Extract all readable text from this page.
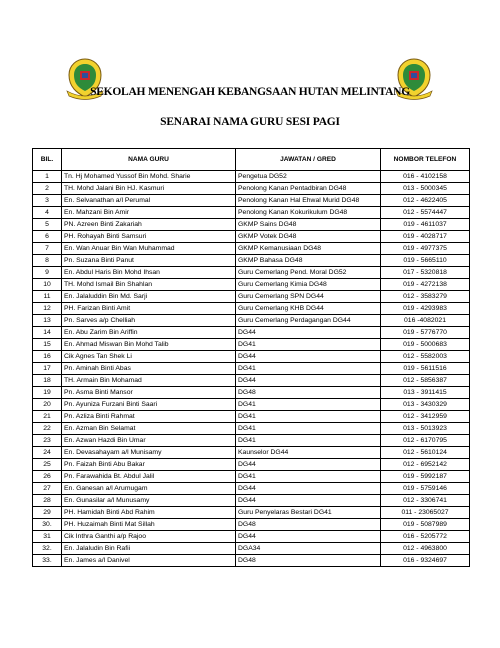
SEKOLAH MENENGAH KEBANGSAAN HUTAN MELINTANG
SENARAI NAMA GURU SESI PAGI
BIL.	NAMA GURU	JAWATAN / GRED	NOMBOR TELEFON
1	Tn. Hj Mohamed Yussof Bin Mohd. Sharie	Pengetua DG52	016 - 4102158
2	TH. Mohd Jalani Bin HJ. Kasmuri	Penolong Kanan Pentadbiran DG48	013 - 5000345
3	En. Selvanathan a/l Perumal	Penolong Kanan Hal Ehwal Murid DG48	012 - 4622405
4	En. Mahzani Bin Amir	Penolong Kanan Kokurikulum DG48	012 - 5574447
5	PN. Azreen Binti Zakariah	GKMP Sains DG48	019 - 4611037
6	PH. Rohayah Binti Samsuri	GKMP Votek DG48	019 - 4028717
7	En. Wan Anuar Bin Wan Muhammad	GKMP Kemanusiaan DG48	019 - 4977375
8	Pn. Suzana Binti Panut	GKMP Bahasa DG48	019 - 5665110
9	En. Abdul Haris Bin Mohd Ihsan	Guru Cemerlang Pend. Moral DG52	017 - 5320818
10	TH. Mohd Ismail Bin Shahlan	Guru Cemerlang Kimia DG48	019 - 4272138
11	En. Jalaluddin Bin Md. Sarji	Guru Cemerlang SPN DG44	012 - 3583279
12	PH. Farizan Binti Amit	Guru Cemerlang KHB DG44	019 - 4293983
13	Pn. Sarves a/p Chelliah	Guru Cemerlang Perdagangan DG44	016 -4082021
14	En. Abu Zarim Bin Ariffin	DG44	019 - 5776770
15	En. Ahmad Miswan Bin Mohd Talib	DG41	019 - 5000683
16	Cik Agnes Tan Shek Li	DG44	012 - 5582003
17	Pn. Aminah Binti Abas	DG41	019 - 5611516
18	TH. Armain Bin Mohamad	DG44	012 - 5856387
19	Pn. Asma Binti Mansor	DG48	013 - 3911415
20	Pn. Ayuniza Furzani Binti Saari	DG41	013 - 3430329
21	Pn. Azliza Binti Rahmat	DG41	012 - 3412959
22	En. Azman Bin Selamat	DG41	013 - 5013923
23	En. Azwan Hazdi Bin Umar	DG41	012 - 6170795
24	En. Devasahayam a/l Munisamy	Kaunselor DG44	012 - 5610124
25	Pn. Faizah Binti Abu Bakar	DG44	012 - 6952142
26	Pn. Farawahida Bt. Abdul Jalil	DG41	019 - 5992187
27	En. Ganesan a/l Arumugam	DG44	019 - 5759146
28	En. Gunasilar a/l Munusamy	DG44	012 - 3306741
29	PH. Hamidah Binti Abd Rahim	Guru Penyelaras Bestari DG41	011 - 23065027
30.	PH. Huzaimah Binti Mat Sillah	DG48	019 - 5087989
31	Cik Inthra Ganthi a/p Rajoo	DG44	016 - 5205772
32.	En. Jalaludin Bin Rafii	DGA34	012 - 4963800
33.	En. James a/l Danivel	DG48	016 - 9324697
